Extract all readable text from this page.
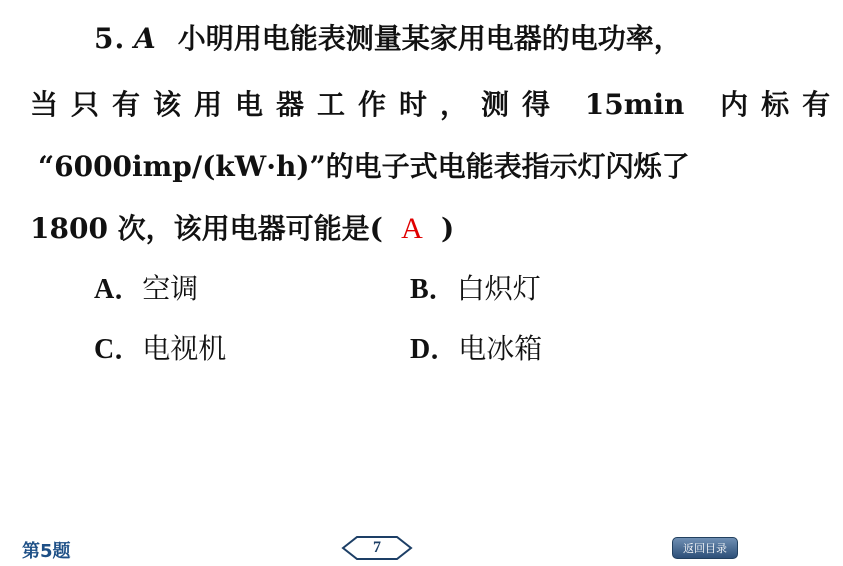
5. A 小明用电能表测量某家用电器的电功率，
当只有该用电器工作时，测得 15min 内标有
“6000imp/(kW·h)”的电子式电能表指示灯闪烁了
1800 次，该用电器可能是( A )
A．空调	B．白炽灯
C．电视机	D．电冰箱
第5题	7	返回目录
